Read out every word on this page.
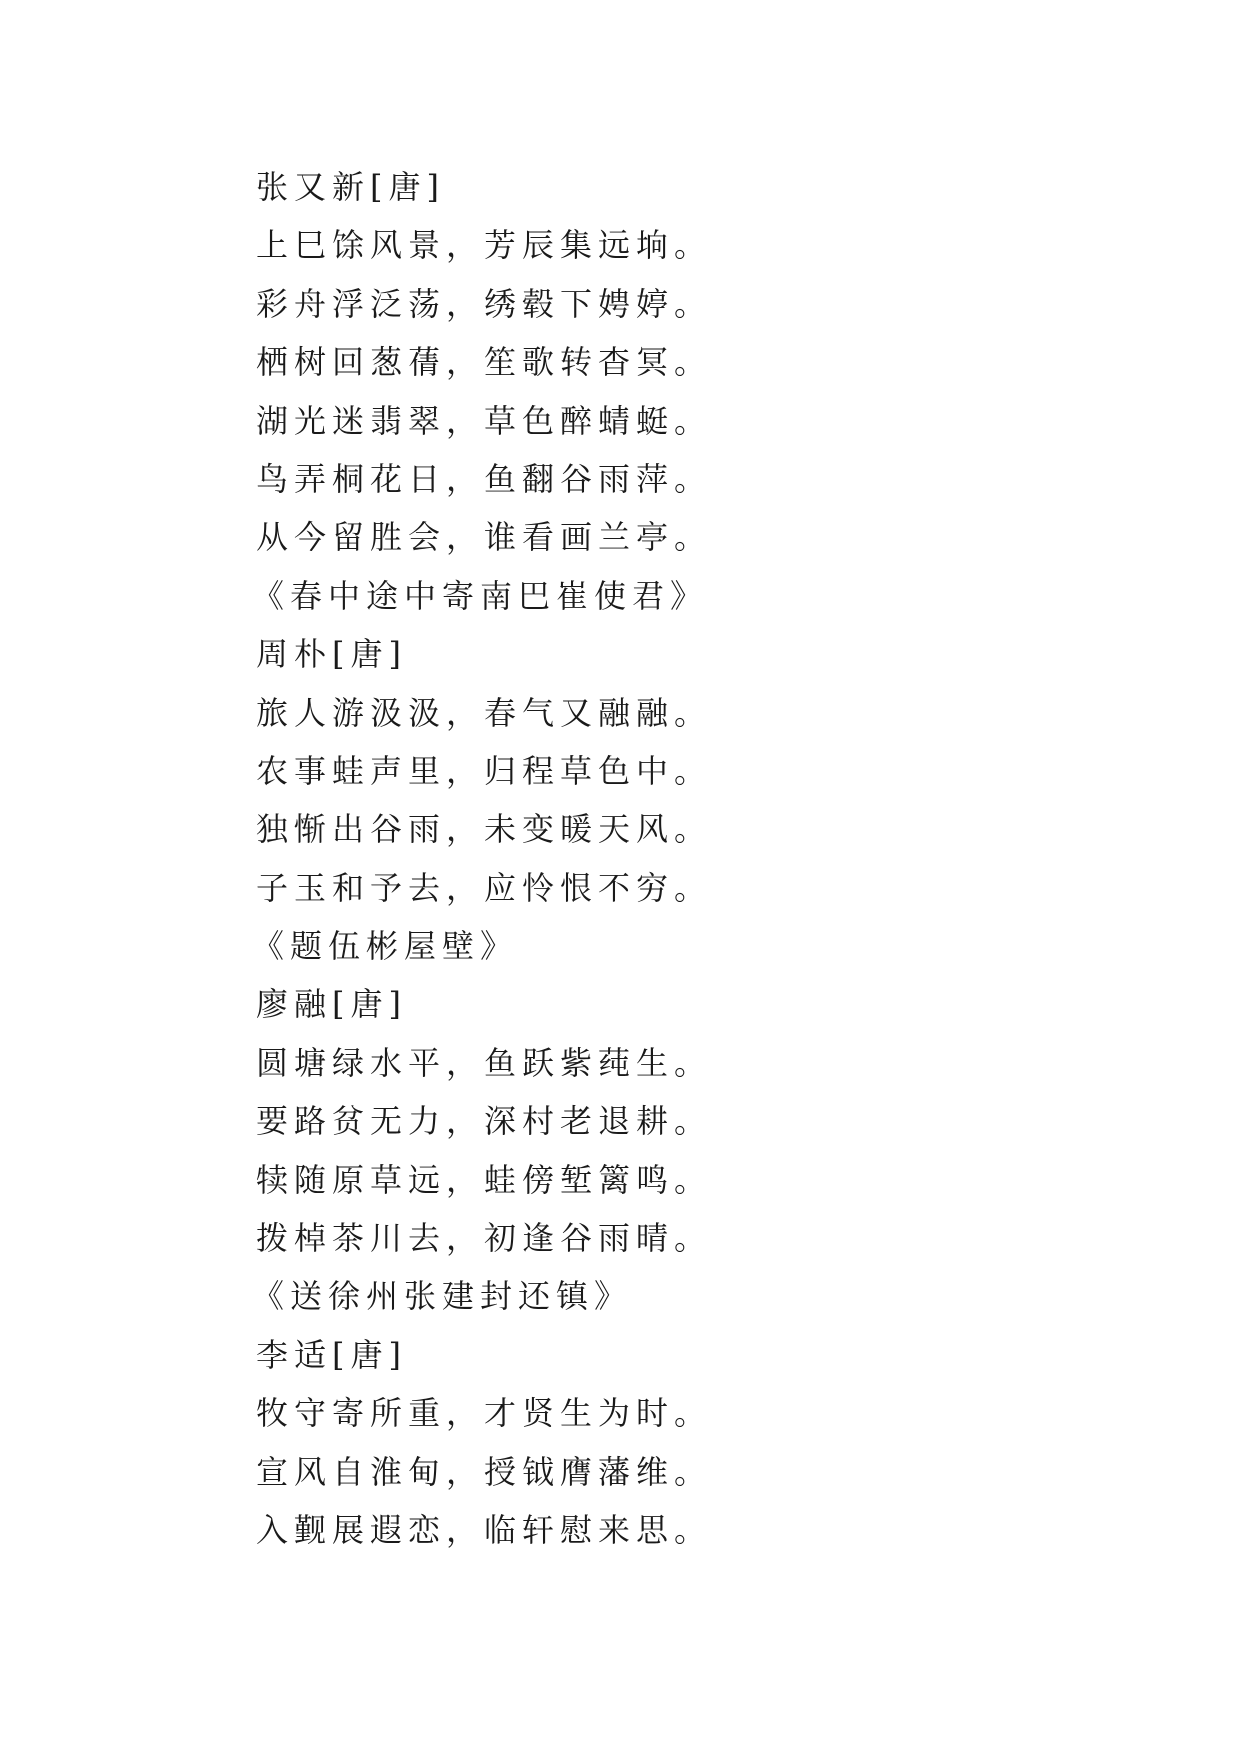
张又新[唐]
上巳馀风景，芳辰集远垧。
彩舟浮泛荡，绣毂下娉婷。
栖树回葱蒨，笙歌转杳冥。
湖光迷翡翠，草色醉蜻蜓。
鸟弄桐花日，鱼翻谷雨萍。
从今留胜会，谁看画兰亭。
《春中途中寄南巴崔使君》
周朴[唐]
旅人游汲汲，春气又融融。
农事蛙声里，归程草色中。
独惭出谷雨，未变暖天风。
子玉和予去，应怜恨不穷。
《题伍彬屋壁》
廖融[唐]
圆塘绿水平，鱼跃紫莼生。
要路贫无力，深村老退耕。
犊随原草远，蛙傍堑篱鸣。
拨棹茶川去，初逢谷雨晴。
《送徐州张建封还镇》
李适[唐]
牧守寄所重，才贤生为时。
宣风自淮甸，授钺膺藩维。
入觐展遐恋，临轩慰来思。
